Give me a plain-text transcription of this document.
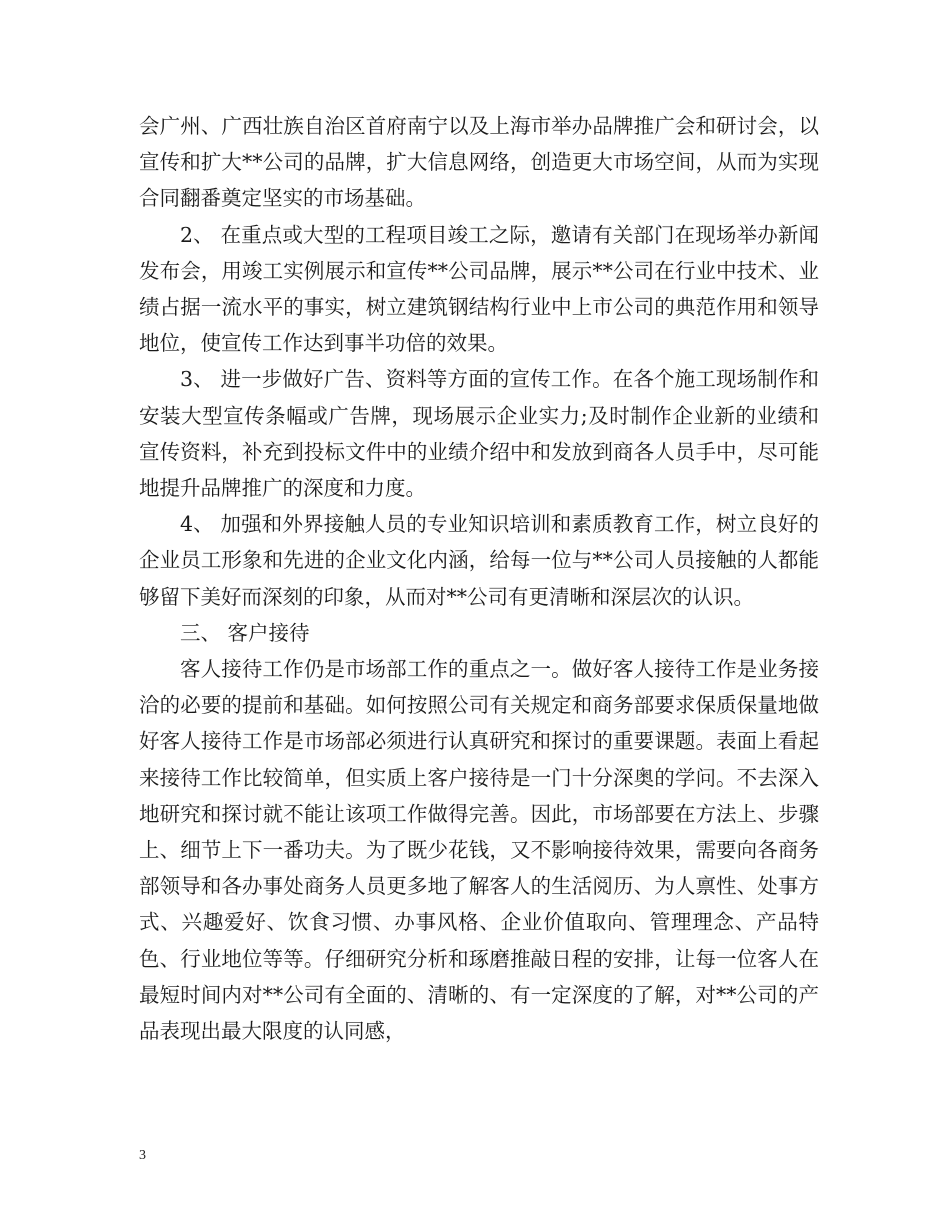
会广州、广西壮族自治区首府南宁以及上海市举办品牌推广会和研讨会，以宣传和扩大**公司的品牌，扩大信息网络，创造更大市场空间，从而为实现合同翻番奠定坚实的市场基础。

2、 在重点或大型的工程项目竣工之际，邀请有关部门在现场举办新闻发布会，用竣工实例展示和宣传**公司品牌，展示**公司在行业中技术、业绩占据一流水平的事实，树立建筑钢结构行业中上市公司的典范作用和领导地位，使宣传工作达到事半功倍的效果。

3、 进一步做好广告、资料等方面的宣传工作。在各个施工现场制作和安装大型宣传条幅或广告牌，现场展示企业实力;及时制作企业新的业绩和宣传资料，补充到投标文件中的业绩介绍中和发放到商各人员手中，尽可能地提升品牌推广的深度和力度。

4、 加强和外界接触人员的专业知识培训和素质教育工作，树立良好的企业员工形象和先进的企业文化内涵，给每一位与**公司人员接触的人都能够留下美好而深刻的印象，从而对**公司有更清晰和深层次的认识。

三、 客户接待

客人接待工作仍是市场部工作的重点之一。做好客人接待工作是业务接洽的必要的提前和基础。如何按照公司有关规定和商务部要求保质保量地做好客人接待工作是市场部必须进行认真研究和探讨的重要课题。表面上看起来接待工作比较简单，但实质上客户接待是一门十分深奥的学问。不去深入地研究和探讨就不能让该项工作做得完善。因此，市场部要在方法上、步骤上、细节上下一番功夫。为了既少花钱，又不影响接待效果，需要向各商务部领导和各办事处商务人员更多地了解客人的生活阅历、为人禀性、处事方式、兴趣爱好、饮食习惯、办事风格、企业价值取向、管理理念、产品特色、行业地位等等。仔细研究分析和琢磨推敲日程的安排，让每一位客人在最短时间内对**公司有全面的、清晰的、有一定深度的了解，对**公司的产品表现出最大限度的认同感，

3
